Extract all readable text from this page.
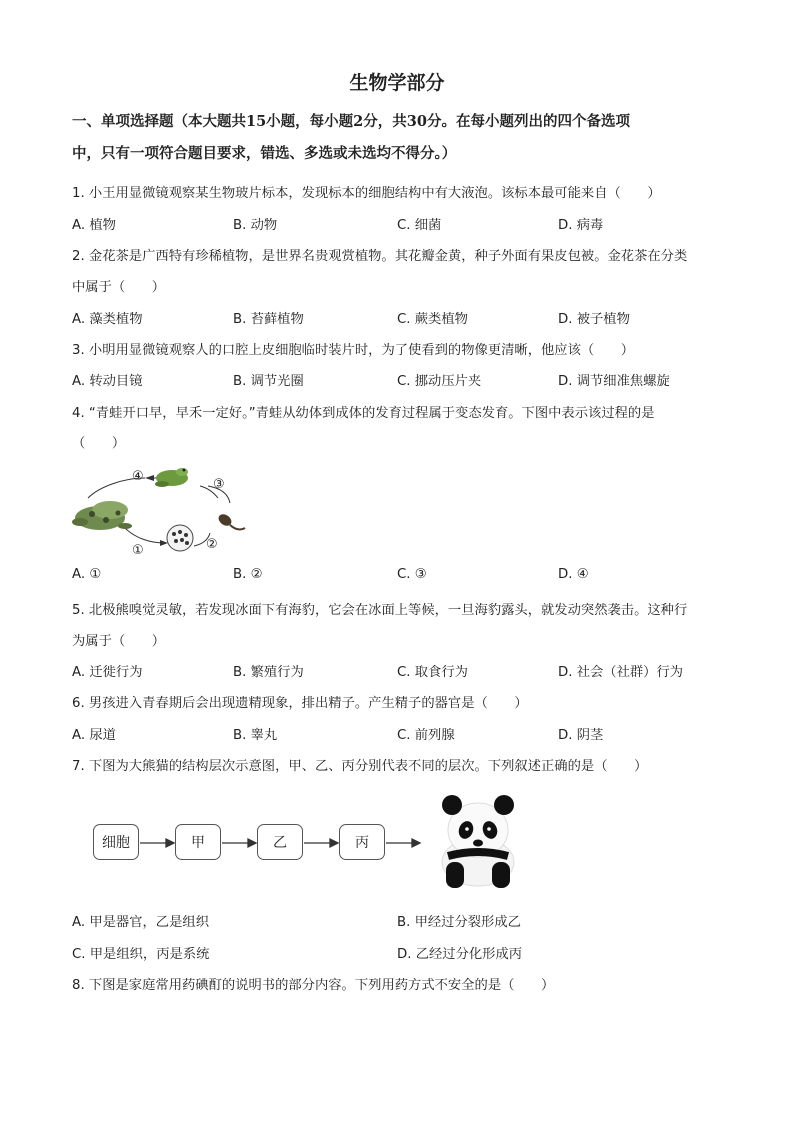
生物学部分
一、单项选择题（本大题共15小题，每小题2分，共30分。在每小题列出的四个备选项
中，只有一项符合题目要求，错选、多选或未选均不得分。）
1. 小王用显微镜观察某生物玻片标本，发现标本的细胞结构中有大液泡。该标本最可能来自（　　）
A. 植物	B. 动物	C. 细菌	D. 病毒
2. 金花茶是广西特有珍稀植物，是世界名贵观赏植物。其花瓣金黄，种子外面有果皮包被。金花茶在分类
中属于（　　）
A. 藻类植物	B. 苔藓植物	C. 蕨类植物	D. 被子植物
3. 小明用显微镜观察人的口腔上皮细胞临时装片时，为了使看到的物像更清晰，他应该（　　）
A. 转动目镜	B. 调节光圈	C. 挪动压片夹	D. 调节细准焦螺旋
4. “青蛙开口早，早禾一定好。”青蛙从幼体到成体的发育过程属于变态发育。下图中表示该过程的是
（　　）
④
③
①	②
A. ①	B. ②	C. ③	D. ④
5. 北极熊嗅觉灵敏，若发现冰面下有海豹，它会在冰面上等候，一旦海豹露头，就发动突然袭击。这种行
为属于（　　）
A. 迁徙行为	B. 繁殖行为	C. 取食行为	D. 社会（社群）行为
6. 男孩进入青春期后会出现遗精现象，排出精子。产生精子的器官是（　　）
A. 尿道	B. 睾丸	C. 前列腺	D. 阴茎
7. 下图为大熊猫的结构层次示意图，甲、乙、丙分别代表不同的层次。下列叙述正确的是（　　）
细胞	甲	乙	丙
A. 甲是器官，乙是组织	B. 甲经过分裂形成乙
C. 甲是组织，丙是系统	D. 乙经过分化形成丙
8. 下图是家庭常用药碘酊的说明书的部分内容。下列用药方式不安全的是（　　）
